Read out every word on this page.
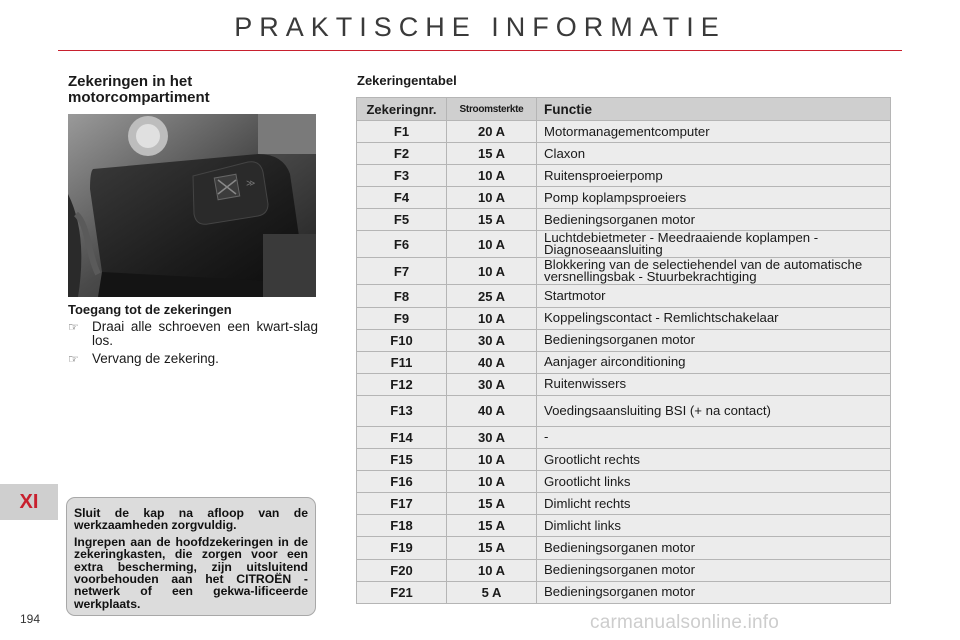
PRAKTISCHE INFORMATIE
Zekeringen in het motorcompartiment
≫
Toegang tot de zekeringen
☞ Draai alle schroeven een kwart-slag los.
☞ Vervang de zekering.

Sluit de kap na afloop van de werkzaamheden zorgvuldig.

Ingrepen aan de hoofdzekeringen in de zekeringkasten, die zorgen voor een extra bescherming, zijn uitsluitend voorbehouden aan het CITROËN -netwerk of een gekwa-lificeerde werkplaats.

XI
194
Zekeringentabel
Zekeringnr.	Stroomsterkte	Functie
F1	20 A	Motormanagementcomputer
F2	15 A	Claxon
F3	10 A	Ruitensproeierpomp
F4	10 A	Pomp koplampsproeiers
F5	15 A	Bedieningsorganen motor
F6	10 A	Luchtdebietmeter - Meedraaiende koplampen - Diagnoseaansluiting
F7	10 A	Blokkering van de selectiehendel van de automatische versnellingsbak - Stuurbekrachtiging
F8	25 A	Startmotor
F9	10 A	Koppelingscontact - Remlichtschakelaar
F10	30 A	Bedieningsorganen motor
F11	40 A	Aanjager airconditioning
F12	30 A	Ruitenwissers
F13	40 A	Voedingsaansluiting BSI (+ na contact)
F14	30 A	-
F15	10 A	Grootlicht rechts
F16	10 A	Grootlicht links
F17	15 A	Dimlicht rechts
F18	15 A	Dimlicht links
F19	15 A	Bedieningsorganen motor
F20	10 A	Bedieningsorganen motor
F21	5 A	Bedieningsorganen motor
carmanualsonline.info
